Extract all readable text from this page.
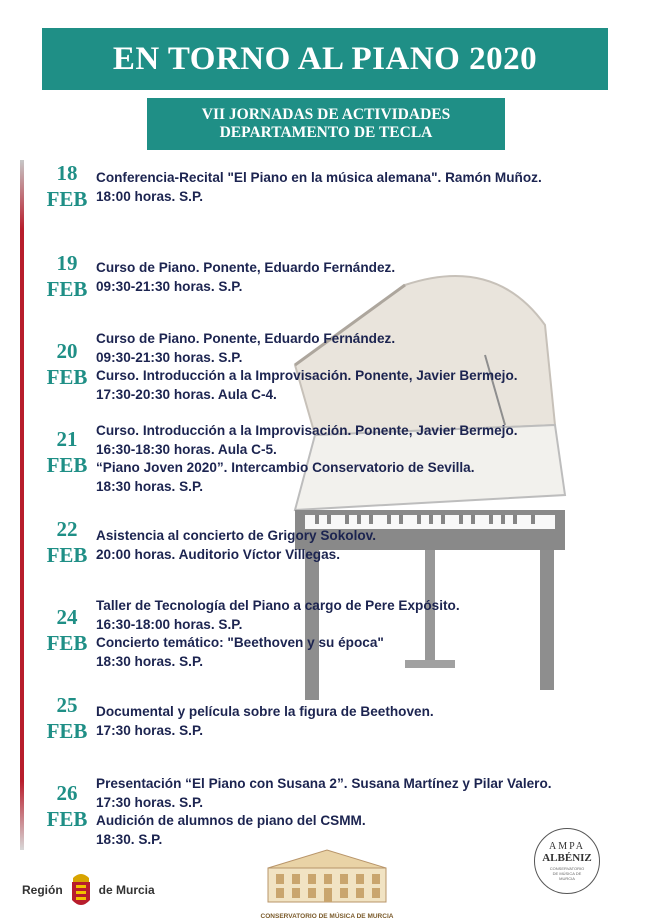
EN TORNO AL PIANO 2020
VII JORNADAS DE ACTIVIDADES
DEPARTAMENTO DE TECLA
18
FEB
Conferencia-Recital "El Piano en la música alemana". Ramón Muñoz.
18:00 horas. S.P.
19
FEB
Curso de Piano. Ponente, Eduardo Fernández.
09:30-21:30 horas. S.P.
20
FEB
Curso de Piano. Ponente, Eduardo Fernández.
09:30-21:30 horas. S.P.
Curso. Introducción a la Improvisación. Ponente, Javier Bermejo.
17:30-20:30 horas. Aula C-4.
21
FEB
Curso. Introducción a la Improvisación. Ponente, Javier Bermejo.
16:30-18:30 horas. Aula C-5.
“Piano Joven 2020”. Intercambio Conservatorio de Sevilla.
18:30 horas. S.P.
22
FEB
Asistencia al concierto de Grigory Sokolov.
20:00 horas. Auditorio Víctor Villegas.
24
FEB
Taller de Tecnología del Piano a cargo de Pere Expósito.
16:30-18:00 horas. S.P.
Concierto temático: "Beethoven y su época"
18:30 horas. S.P.
25
FEB
Documental y película sobre la figura de Beethoven.
17:30 horas. S.P.
26
FEB
Presentación “El Piano con Susana 2”. Susana Martínez y Pilar Valero.
17:30 horas. S.P.
Audición de alumnos de piano del CSMM.
18:30. S.P.
Región	de Murcia
CONSERVATORIO DE MÚSICA DE MURCIA
AMPA
ALBÉNIZ
CONSERVATORIO DE MÚSICA DE MURCIA
